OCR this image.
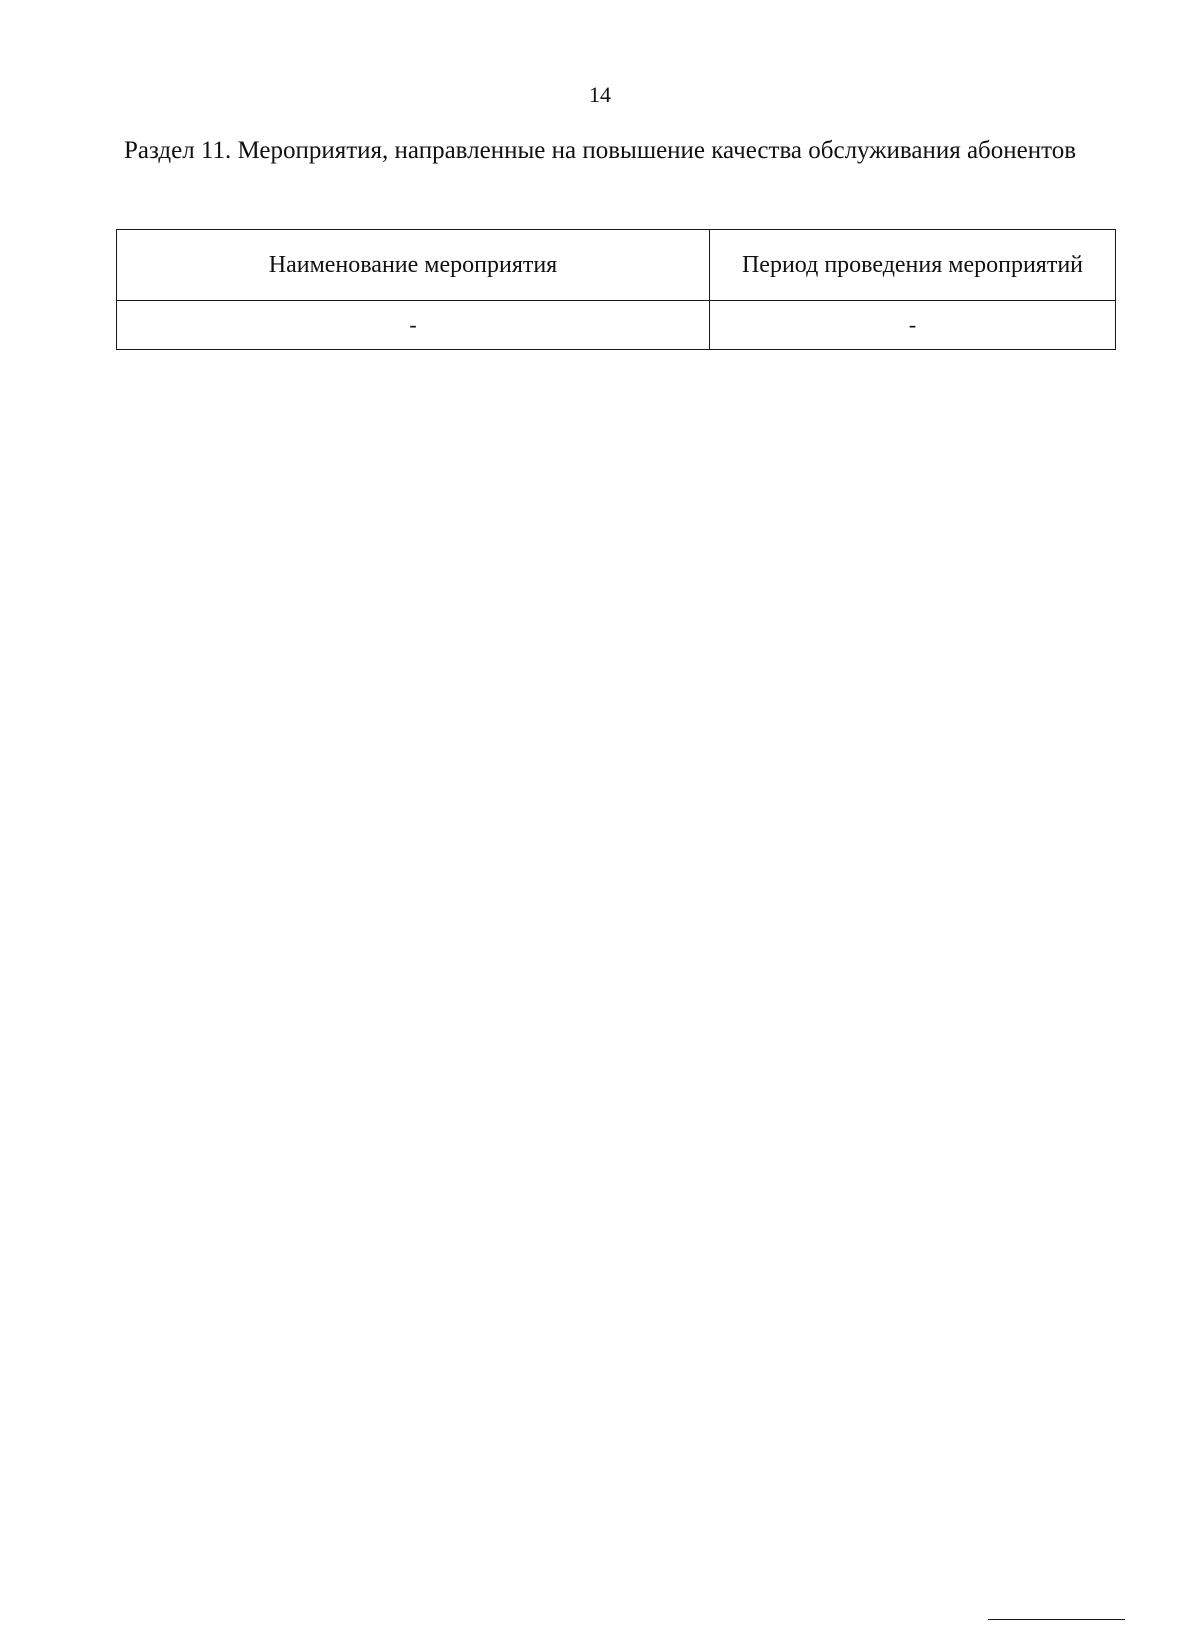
14
Раздел 11. Мероприятия, направленные на повышение качества обслуживания абонентов
Наименование мероприятия	Период проведения мероприятий
-	-
